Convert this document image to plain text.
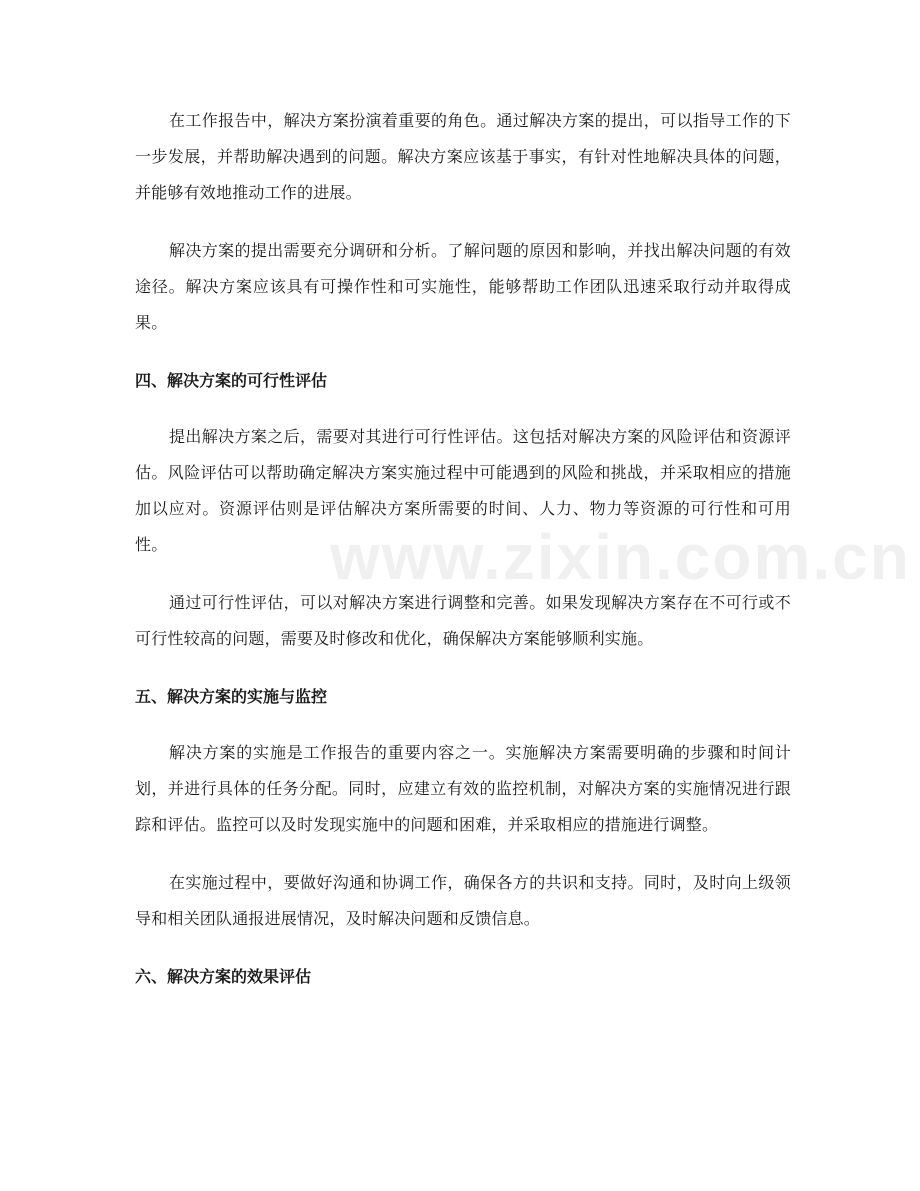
在工作报告中，解决方案扮演着重要的角色。通过解决方案的提出，可以指导工作的下一步发展，并帮助解决遇到的问题。解决方案应该基于事实，有针对性地解决具体的问题，并能够有效地推动工作的进展。

解决方案的提出需要充分调研和分析。了解问题的原因和影响，并找出解决问题的有效途径。解决方案应该具有可操作性和可实施性，能够帮助工作团队迅速采取行动并取得成果。

四、解决方案的可行性评估

提出解决方案之后，需要对其进行可行性评估。这包括对解决方案的风险评估和资源评估。风险评估可以帮助确定解决方案实施过程中可能遇到的风险和挑战，并采取相应的措施加以应对。资源评估则是评估解决方案所需要的时间、人力、物力等资源的可行性和可用性。

通过可行性评估，可以对解决方案进行调整和完善。如果发现解决方案存在不可行或不可行性较高的问题，需要及时修改和优化，确保解决方案能够顺利实施。

五、解决方案的实施与监控

解决方案的实施是工作报告的重要内容之一。实施解决方案需要明确的步骤和时间计划，并进行具体的任务分配。同时，应建立有效的监控机制，对解决方案的实施情况进行跟踪和评估。监控可以及时发现实施中的问题和困难，并采取相应的措施进行调整。

在实施过程中，要做好沟通和协调工作，确保各方的共识和支持。同时，及时向上级领导和相关团队通报进展情况，及时解决问题和反馈信息。

六、解决方案的效果评估
www.zixin.com.cn
